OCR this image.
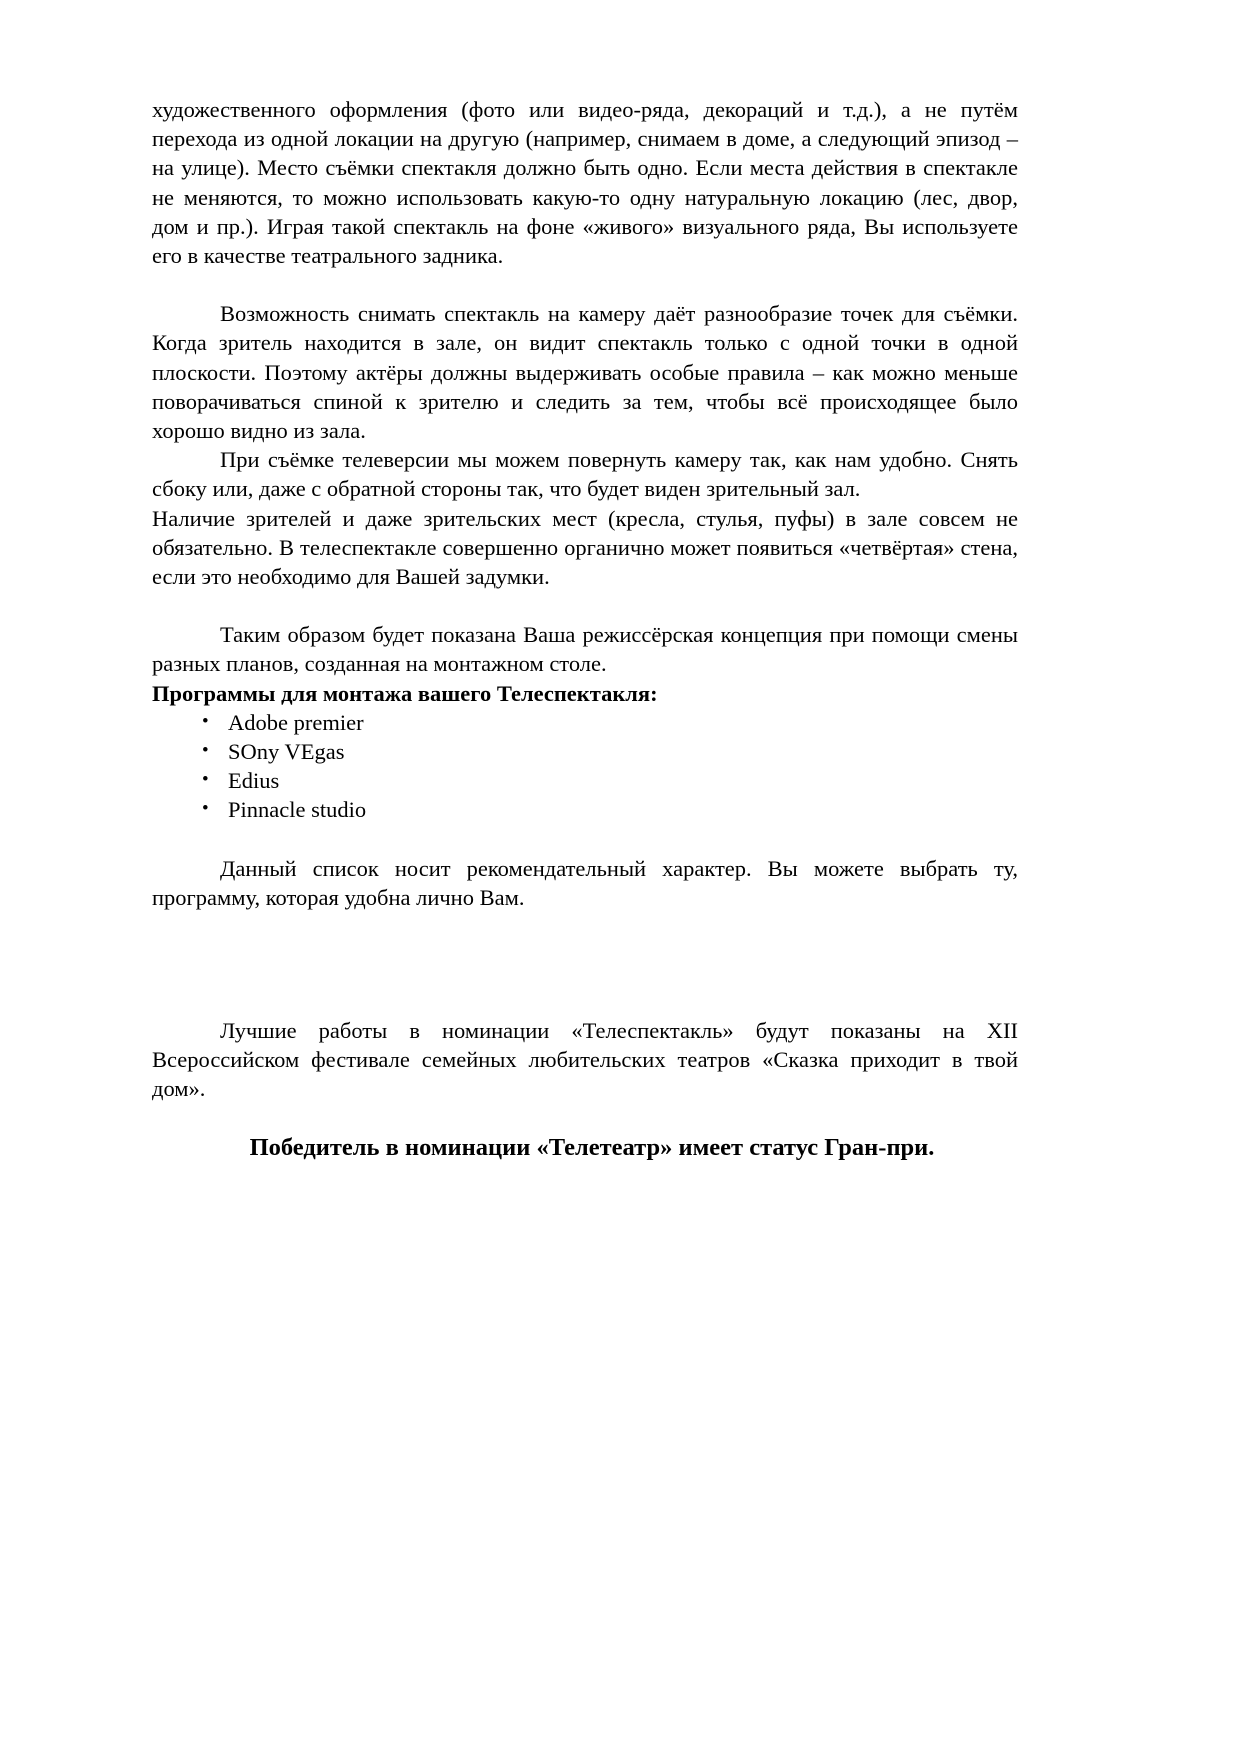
художественного оформления (фото или видео-ряда, декораций и т.д.), а не путём перехода из одной локации на другую (например, снимаем в доме, а следующий эпизод – на улице). Место съёмки спектакля должно быть одно. Если места действия в спектакле не меняются, то можно использовать какую-то одну натуральную локацию (лес, двор, дом и пр.). Играя такой спектакль на фоне «живого» визуального ряда, Вы используете его в качестве театрального задника.

Возможность снимать спектакль на камеру даёт разнообразие точек для съёмки. Когда зритель находится в зале, он видит спектакль только с одной точки в одной плоскости. Поэтому актёры должны выдерживать особые правила – как можно меньше поворачиваться спиной к зрителю и следить за тем, чтобы всё происходящее было хорошо видно из зала.

При съёмке телеверсии мы можем повернуть камеру так, как нам удобно. Снять сбоку или, даже с обратной стороны так, что будет виден зрительный зал.

Наличие зрителей и даже зрительских мест (кресла, стулья, пуфы) в зале совсем не обязательно. В телеспектакле совершенно органично может появиться «четвёртая» стена, если это необходимо для Вашей задумки.

Таким образом будет показана Ваша режиссёрская концепция при помощи смены разных планов, созданная на монтажном столе.

Программы для монтажа вашего Телеспектакля:

• Adobe premier
• SOny VEgas
• Edius
• Pinnacle studio

Данный список носит рекомендательный характер. Вы можете выбрать ту, программу, которая удобна лично Вам.

Лучшие работы в номинации «Телеспектакль» будут показаны на XII Всероссийском фестивале семейных любительских театров «Сказка приходит в твой дом».

Победитель в номинации «Телетеатр» имеет статус Гран-при.
